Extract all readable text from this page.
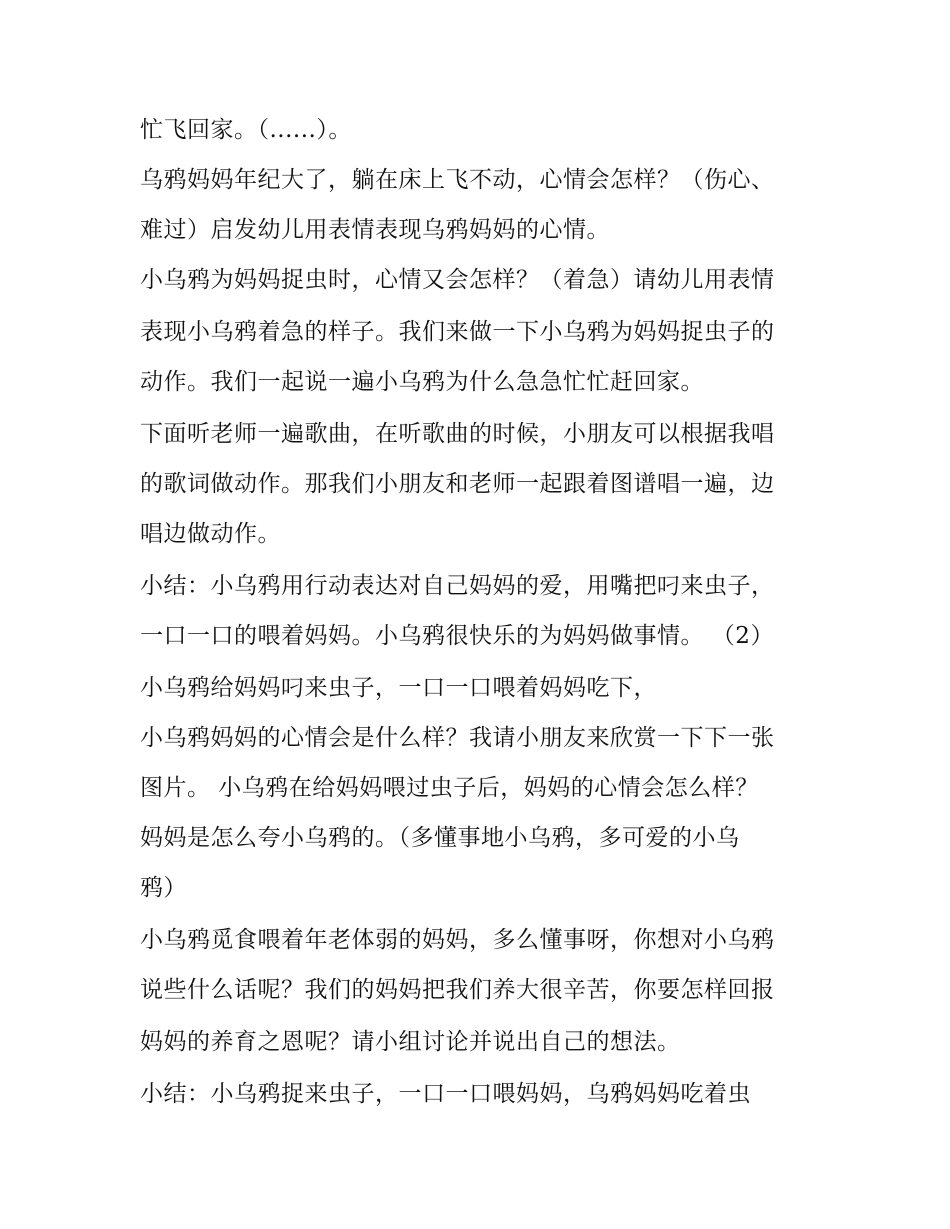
忙飞回家。（......）。
乌鸦妈妈年纪大了，躺在床上飞不动，心情会怎样？（伤心、
难过）启发幼儿用表情表现乌鸦妈妈的心情。
小乌鸦为妈妈捉虫时，心情又会怎样？（着急）请幼儿用表情
表现小乌鸦着急的样子。我们来做一下小乌鸦为妈妈捉虫子的
动作。我们一起说一遍小乌鸦为什么急急忙忙赶回家。
下面听老师一遍歌曲，在听歌曲的时候，小朋友可以根据我唱
的歌词做动作。那我们小朋友和老师一起跟着图谱唱一遍，边
唱边做动作。
小结：小乌鸦用行动表达对自己妈妈的爱，用嘴把叼来虫子，
一口一口的喂着妈妈。小乌鸦很快乐的为妈妈做事情。 （2）
小乌鸦给妈妈叼来虫子，一口一口喂着妈妈吃下，
小乌鸦妈妈的心情会是什么样？我请小朋友来欣赏一下下一张
图片。 小乌鸦在给妈妈喂过虫子后，妈妈的心情会怎么样？
妈妈是怎么夸小乌鸦的。（多懂事地小乌鸦，多可爱的小乌
鸦）
小乌鸦觅食喂着年老体弱的妈妈，多么懂事呀，你想对小乌鸦
说些什么话呢？我们的妈妈把我们养大很辛苦，你要怎样回报
妈妈的养育之恩呢？请小组讨论并说出自己的想法。
小结：小乌鸦捉来虫子，一口一口喂妈妈，乌鸦妈妈吃着虫
